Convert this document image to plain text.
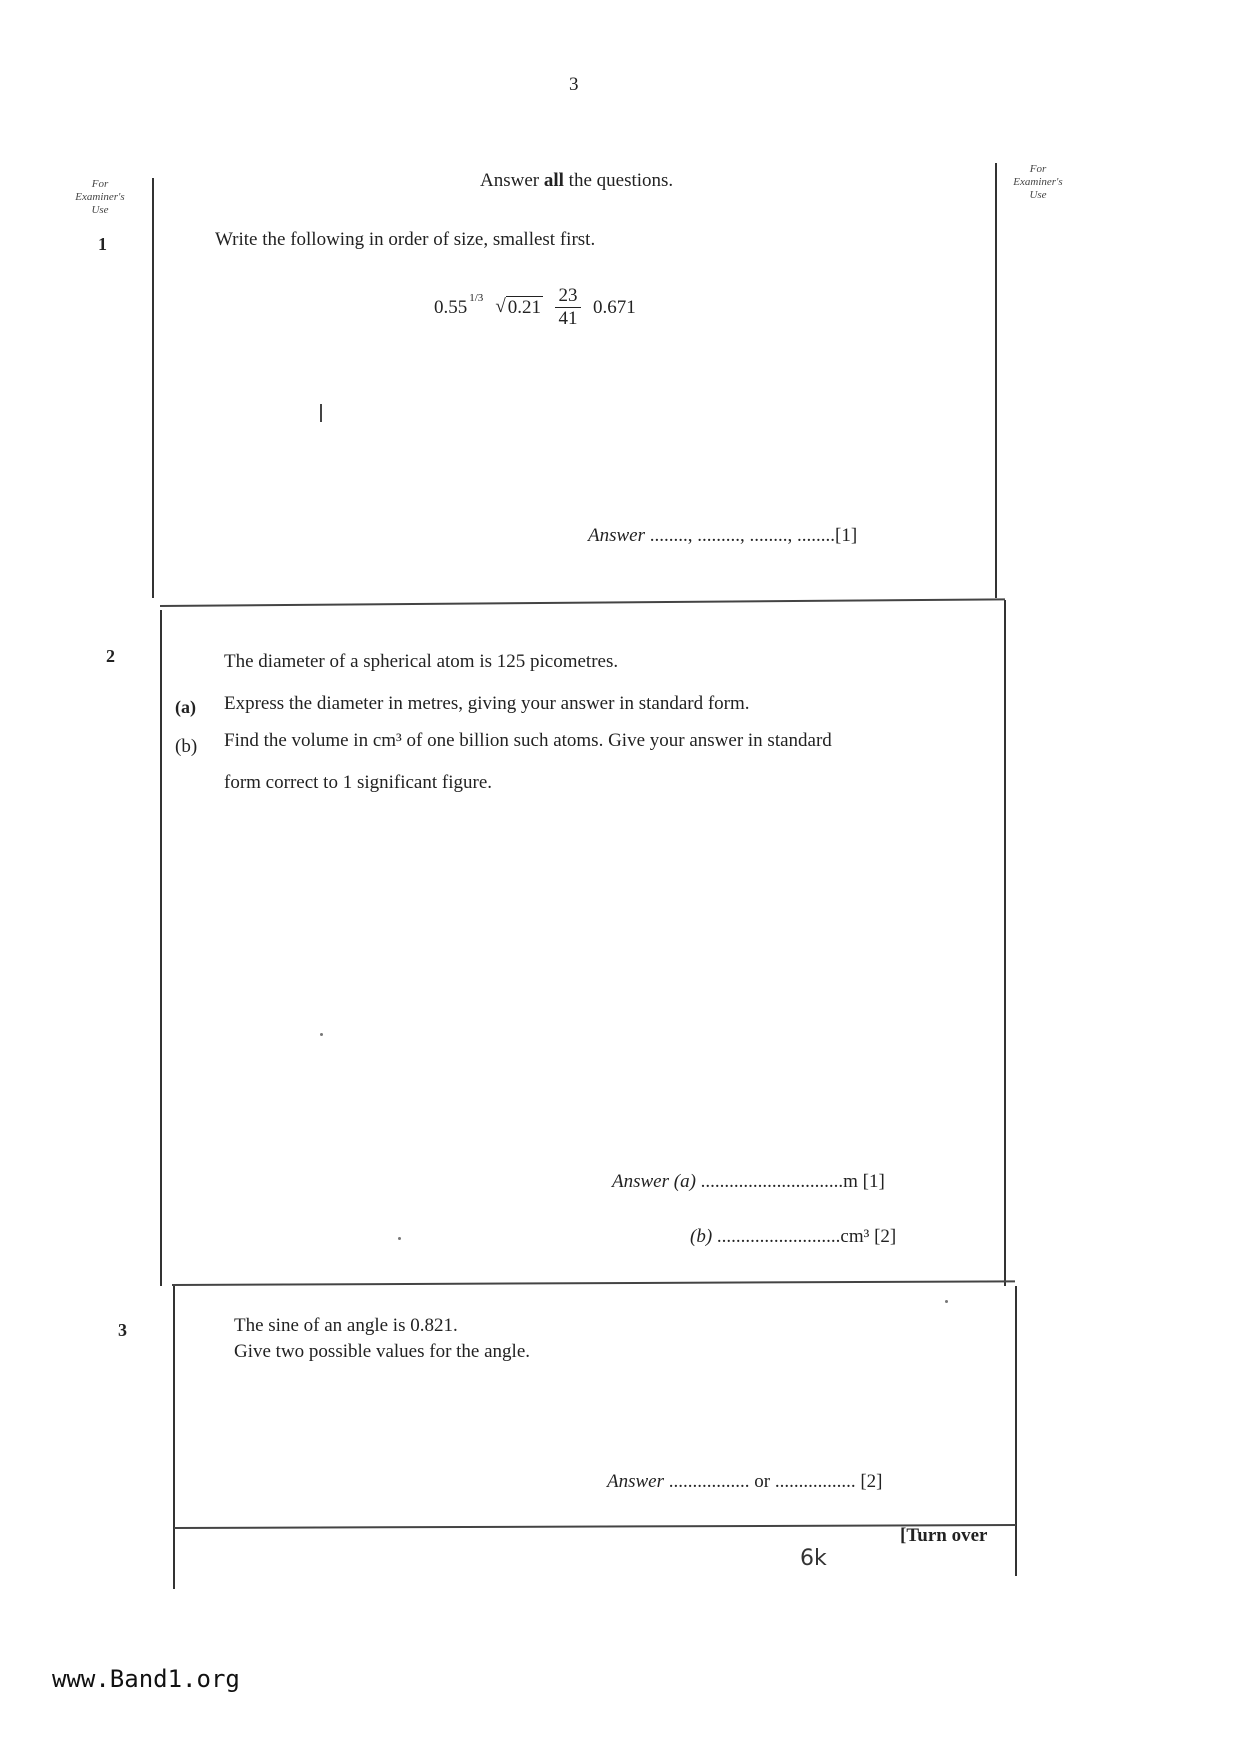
3
For
Examiner's
Use
For
Examiner's
Use
Answer all the questions.
1	Write the following in order of size, smallest first.
0.55 $^{1/3}$ √ $0.21 \frac{23}{41} 0.671$
Answer ........, ........., ........, ........[1]
2	The diameter of a spherical atom is 125 picometres.
(a) Express the diameter in metres, giving your answer in standard form.
(b) Find the volume in cm³ of one billion such atoms. Give your answer in standard
form correct to 1 significant figure.
Answer (a) ..............................m [1]
(b) ..........................cm³ [2]
3	The sine of an angle is 0.821.
Give two possible values for the angle.
Answer ................. or ................. [2]
[Turn over
6k
www.Band1.org
